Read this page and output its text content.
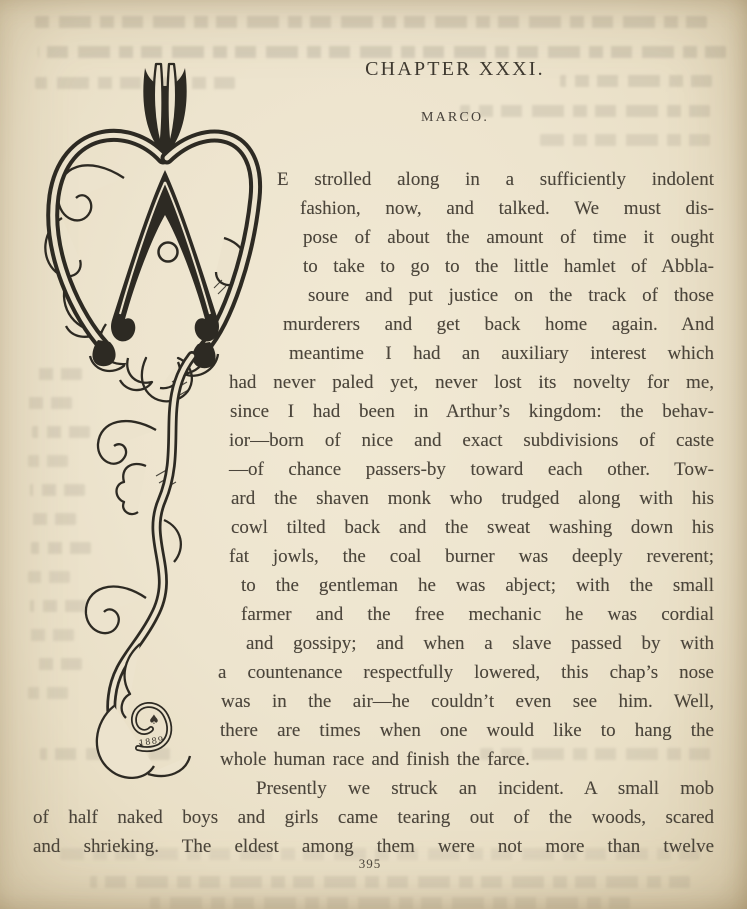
♠
1889
CHAPTER XXXI.
MARCO.
E strolled along in a sufficiently indolent
fashion, now, and talked. We must dis-
pose of about the amount of time it ought
to take to go to the little hamlet of Abbla-
soure and put justice on the track of those
murderers and get back home again. And
meantime I had an auxiliary interest which
had never paled yet, never lost its novelty for me,
since I had been in Arthur’s kingdom: the behav-
ior—born of nice and exact subdivisions of caste
—of chance passers-by toward each other. Tow-
ard the shaven monk who trudged along with his
cowl tilted back and the sweat washing down his
fat jowls, the coal burner was deeply reverent;
to the gentleman he was abject; with the small
farmer and the free mechanic he was cordial
and gossipy; and when a slave passed by with
a countenance respectfully lowered, this chap’s nose
was in the air—he couldn’t even see him. Well,
there are times when one would like to hang the
whole human race and finish the farce.
Presently we struck an incident. A small mob
of half naked boys and girls came tearing out of the woods, scared
and shrieking. The eldest among them were not more than twelve
395
